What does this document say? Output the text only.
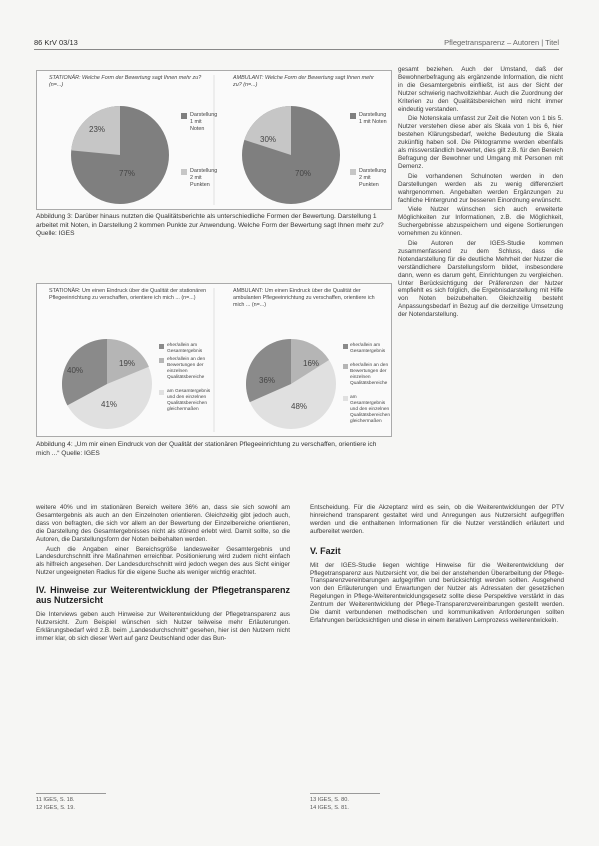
86 KrV 03/13	Pflegetransparenz – Autoren | Titel
STATIONÄR: Welche Form der Bewertung sagt Ihnen mehr zu? (n=...)
AMBULANT: Welche Form der Bewertung sagt Ihnen mehr zu? (n=...)
23%
77%
30%
70%
Darstellung 1 mit Noten
Darstellung 2 mit Punkten
Darstellung 1 mit Noten
Darstellung 2 mit Punkten
Abbildung 3: Darüber hinaus nutzten die Qualitätsberichte als unterschiedliche Formen der Bewertung. Darstellung 1 arbeitet mit Noten, in Darstellung 2 kommen Punkte zur Anwendung. Welche Form der Bewertung sagt Ihnen mehr zu? Quelle: IGES
STATIONÄR: Um einen Eindruck über die Qualität der stationären Pflegeeinrichtung zu verschaffen, orientiere ich mich ... (n=...)
AMBULANT: Um einen Eindruck über die Qualität der ambulanten Pflegeeinrichtung zu verschaffen, orientiere ich mich ... (n=...)
40%
19%
41%
36%
16%
48%
eher/allein am Gesamtergebnis
eher/allein an den Bewertungen der einzelnen Qualitätsbereiche
am Gesamtergebnis und den einzelnen Qualitätsbereichen gleichermaßen
eher/allein am Gesamtergebnis
eher/allein an den Bewertungen der einzelnen Qualitätsbereiche
am Gesamtergebnis und den einzelnen Qualitätsbereichen gleichermaßen
Abbildung 4: „Um mir einen Eindruck von der Qualität der stationären Pflegeeinrichtung zu verschaffen, orientiere ich mich ...“ Quelle: IGES

gesamt beziehen. Auch der Umstand, daß der Bewohnerbefragung als ergänzende Information, die nicht in die Gesamtergebnis einfließt, ist aus der Sicht der Nutzer schwierig nachvollziehbar. Auch die Zuordnung der Kriterien zu den Qualitätsbereichen wird nicht immer eindeutig verstanden.

Die Notenskala umfasst zur Zeit die Noten von 1 bis 5. Nutzer verstehen diese aber als Skala von 1 bis 6, hier bestehen Klärungsbedarf, welche Bedeutung die Skala zukünftig haben soll. Die Piktogramme werden ebenfalls als missverständlich bewertet, dies gilt z.B. für den Bereich Befragung der Bewohner und Umgang mit Personen mit Demenz.

Die vorhandenen Schulnoten werden in den Darstellungen werden als zu wenig differenziert wahrgenommen. Angebalten werden Ergänzungen zu fachliche Hintergrund zur besseren Einordnung erwünscht.

Viele Nutzer wünschen sich auch erweiterte Möglichkeiten zur Informationen, z.B. die Möglichkeit, Suchergebnisse abzuspeichern und eigene Sortierungen vornehmen zu können.

Die Autoren der IGES-Studie kommen zusammenfassend zu dem Schluss, dass die Notendarstellung für die deutliche Mehrheit der Nutzer die verständlichere Darstellungsform bildet, insbesondere dann, wenn es darum geht, Einrichtungen zu vergleichen. Unter Berücksichtigung der Präferenzen der Nutzer empfiehlt es sich folglich, die Ergebnisdarstellung mit Hilfe von Noten beizubehalten. Gleichzeitig besteht Anpassungsbedarf in Bezug auf die derzeitige Umsetzung der Notendarstellung.

weitere 40% und im stationären Bereich weitere 36% an, dass sie sich sowohl am Gesamtergebnis als auch an den Einzelnoten orientieren. Gleichzeitig gibt jedoch auch, dass von befragten, die sich vor allem an der Bewertung der Einzelbereiche orientieren, die Darstellung des Gesamtergebnisses nicht als störend erlebt wird. Damit sollte, so die Autoren, die Darstellungsform der Noten beibehalten werden.

Auch die Angaben einer Bereichsgröße landesweiter Gesamtergebnis und Landesdurchschnitt ihre Maßnahmen erreichbar. Positionierung wird zudem nicht einfach als hilfreich angesehen. Der Landesdurchschnitt wird jedoch wegen des aus Sicht einiger Nutzer ungeeigneten Radius für die eigene Suche als weniger wichtig erachtet.

IV. Hinweise zur Weiterentwicklung der Pflegetransparenz aus Nutzersicht

Die Interviews geben auch Hinweise zur Weiterentwicklung der Pflegetransparenz aus Nutzersicht. Zum Beispiel wünschen sich Nutzer teilweise mehr Erläuterungen. Erklärungsbedarf wird z.B. beim „Landesdurchschnitt“ gesehen, hier ist den Nutzern nicht immer klar, ob sich dieser Wert auf ganz Deutschland oder das Bun-

Entscheidung. Für die Akzeptanz wird es sein, ob die Weiterentwicklungen der PTV hinreichend transparent gestaltet wird und Anregungen aus Nutzersicht aufgegriffen werden und die enthaltenen Informationen für die Nutzer verständlich erläutert und aufbereitet werden.

V. Fazit

Mit der IGES-Studie liegen wichtige Hinweise für die Weiterentwicklung der Pflegetransparenz aus Nutzersicht vor, die bei der anstehenden Überarbeitung der Pflege-Transparenzvereinbarungen aufgegriffen und berücksichtigt werden sollten. Ausgehend von den Erläuterungen und Erwartungen der Nutzer als Adressaten der gesetzlichen Regelungen in Pflege-Weiterentwicklungsgesetz sollte diese Perspektive verstärkt in das Zentrum der Weiterentwicklung der Pflege-Transparenzvereinbarungen gestellt werden. Die damit verbundenen methodischen und kommunikativen Anforderungen sollten Erfahrungen berücksichtigen und diese in einem iterativen Lernprozess weiterentwickeln.

11 IGES, S. 18.
12 IGES, S. 19.
13 IGES, S. 80.
14 IGES, S. 81.
